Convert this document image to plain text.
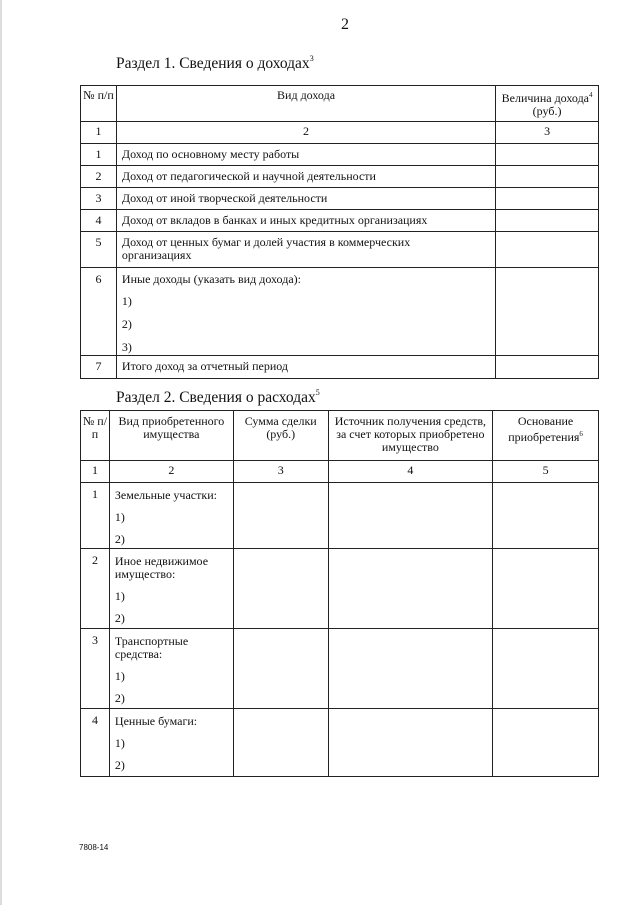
2
Раздел 1. Сведения о доходах$^3$
№ п/п	Вид дохода	Величина дохода$^4$ (руб.)
1	2	3
1	Доход по основному месту работы	
2	Доход от педагогической и научной деятельности	
3	Доход от иной творческой деятельности	
4	Доход от вкладов в банках и иных кредитных организациях	
5	Доход от ценных бумаг и долей участия в коммерческих организациях	
6	Иные доходы (указать вид дохода):
1)
2)
3)	

7	Итого доход за отчетный период	
Раздел 2. Сведения о расходах$^5$
№ п/п	Вид приобретенного имущества	Сумма сделки (руб.)	Источник получения средств, за счет которых приобретено имущество	Основание приобретения$^6$
1	2	3	4	5
1	Земельные участки:
1)
2)			

2	Иное недвижимое имущество:
1)
2)			

3	Транспортные средства:
1)
2)			

4	Ценные бумаги:
1)
2)			

7808-14
